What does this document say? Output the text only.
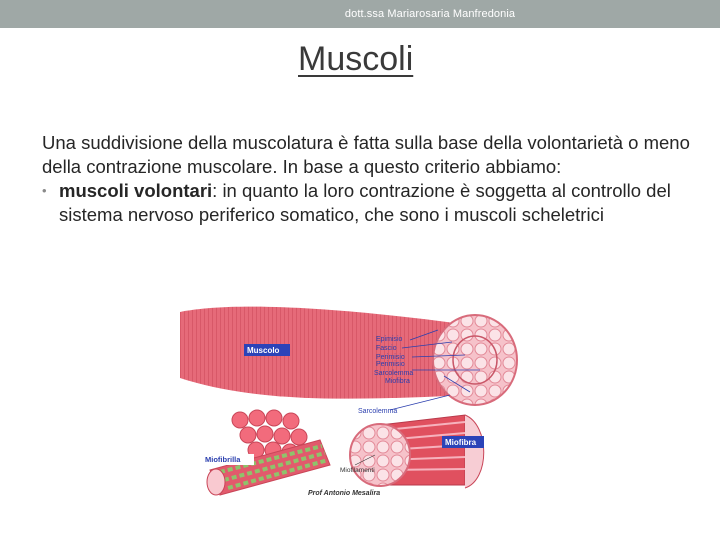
dott.ssa Mariarosaria Manfredonia
Muscoli

Una suddivisione della muscolatura è fatta sulla base della volontarietà o meno della contrazione muscolare. In base a questo criterio abbiamo:

• muscoli volontari: in quanto la loro contrazione è soggetta al controllo del sistema nervoso periferico somatico, che sono i muscoli scheletrici

Muscolo
Epimisio
Fascio
Perimisio
Perimisio
Sarcolemma
Miofibra
Sarcolemma
Miofibrilla
Miofibra
Miofilamenti
Prof Antonio Mesalira
